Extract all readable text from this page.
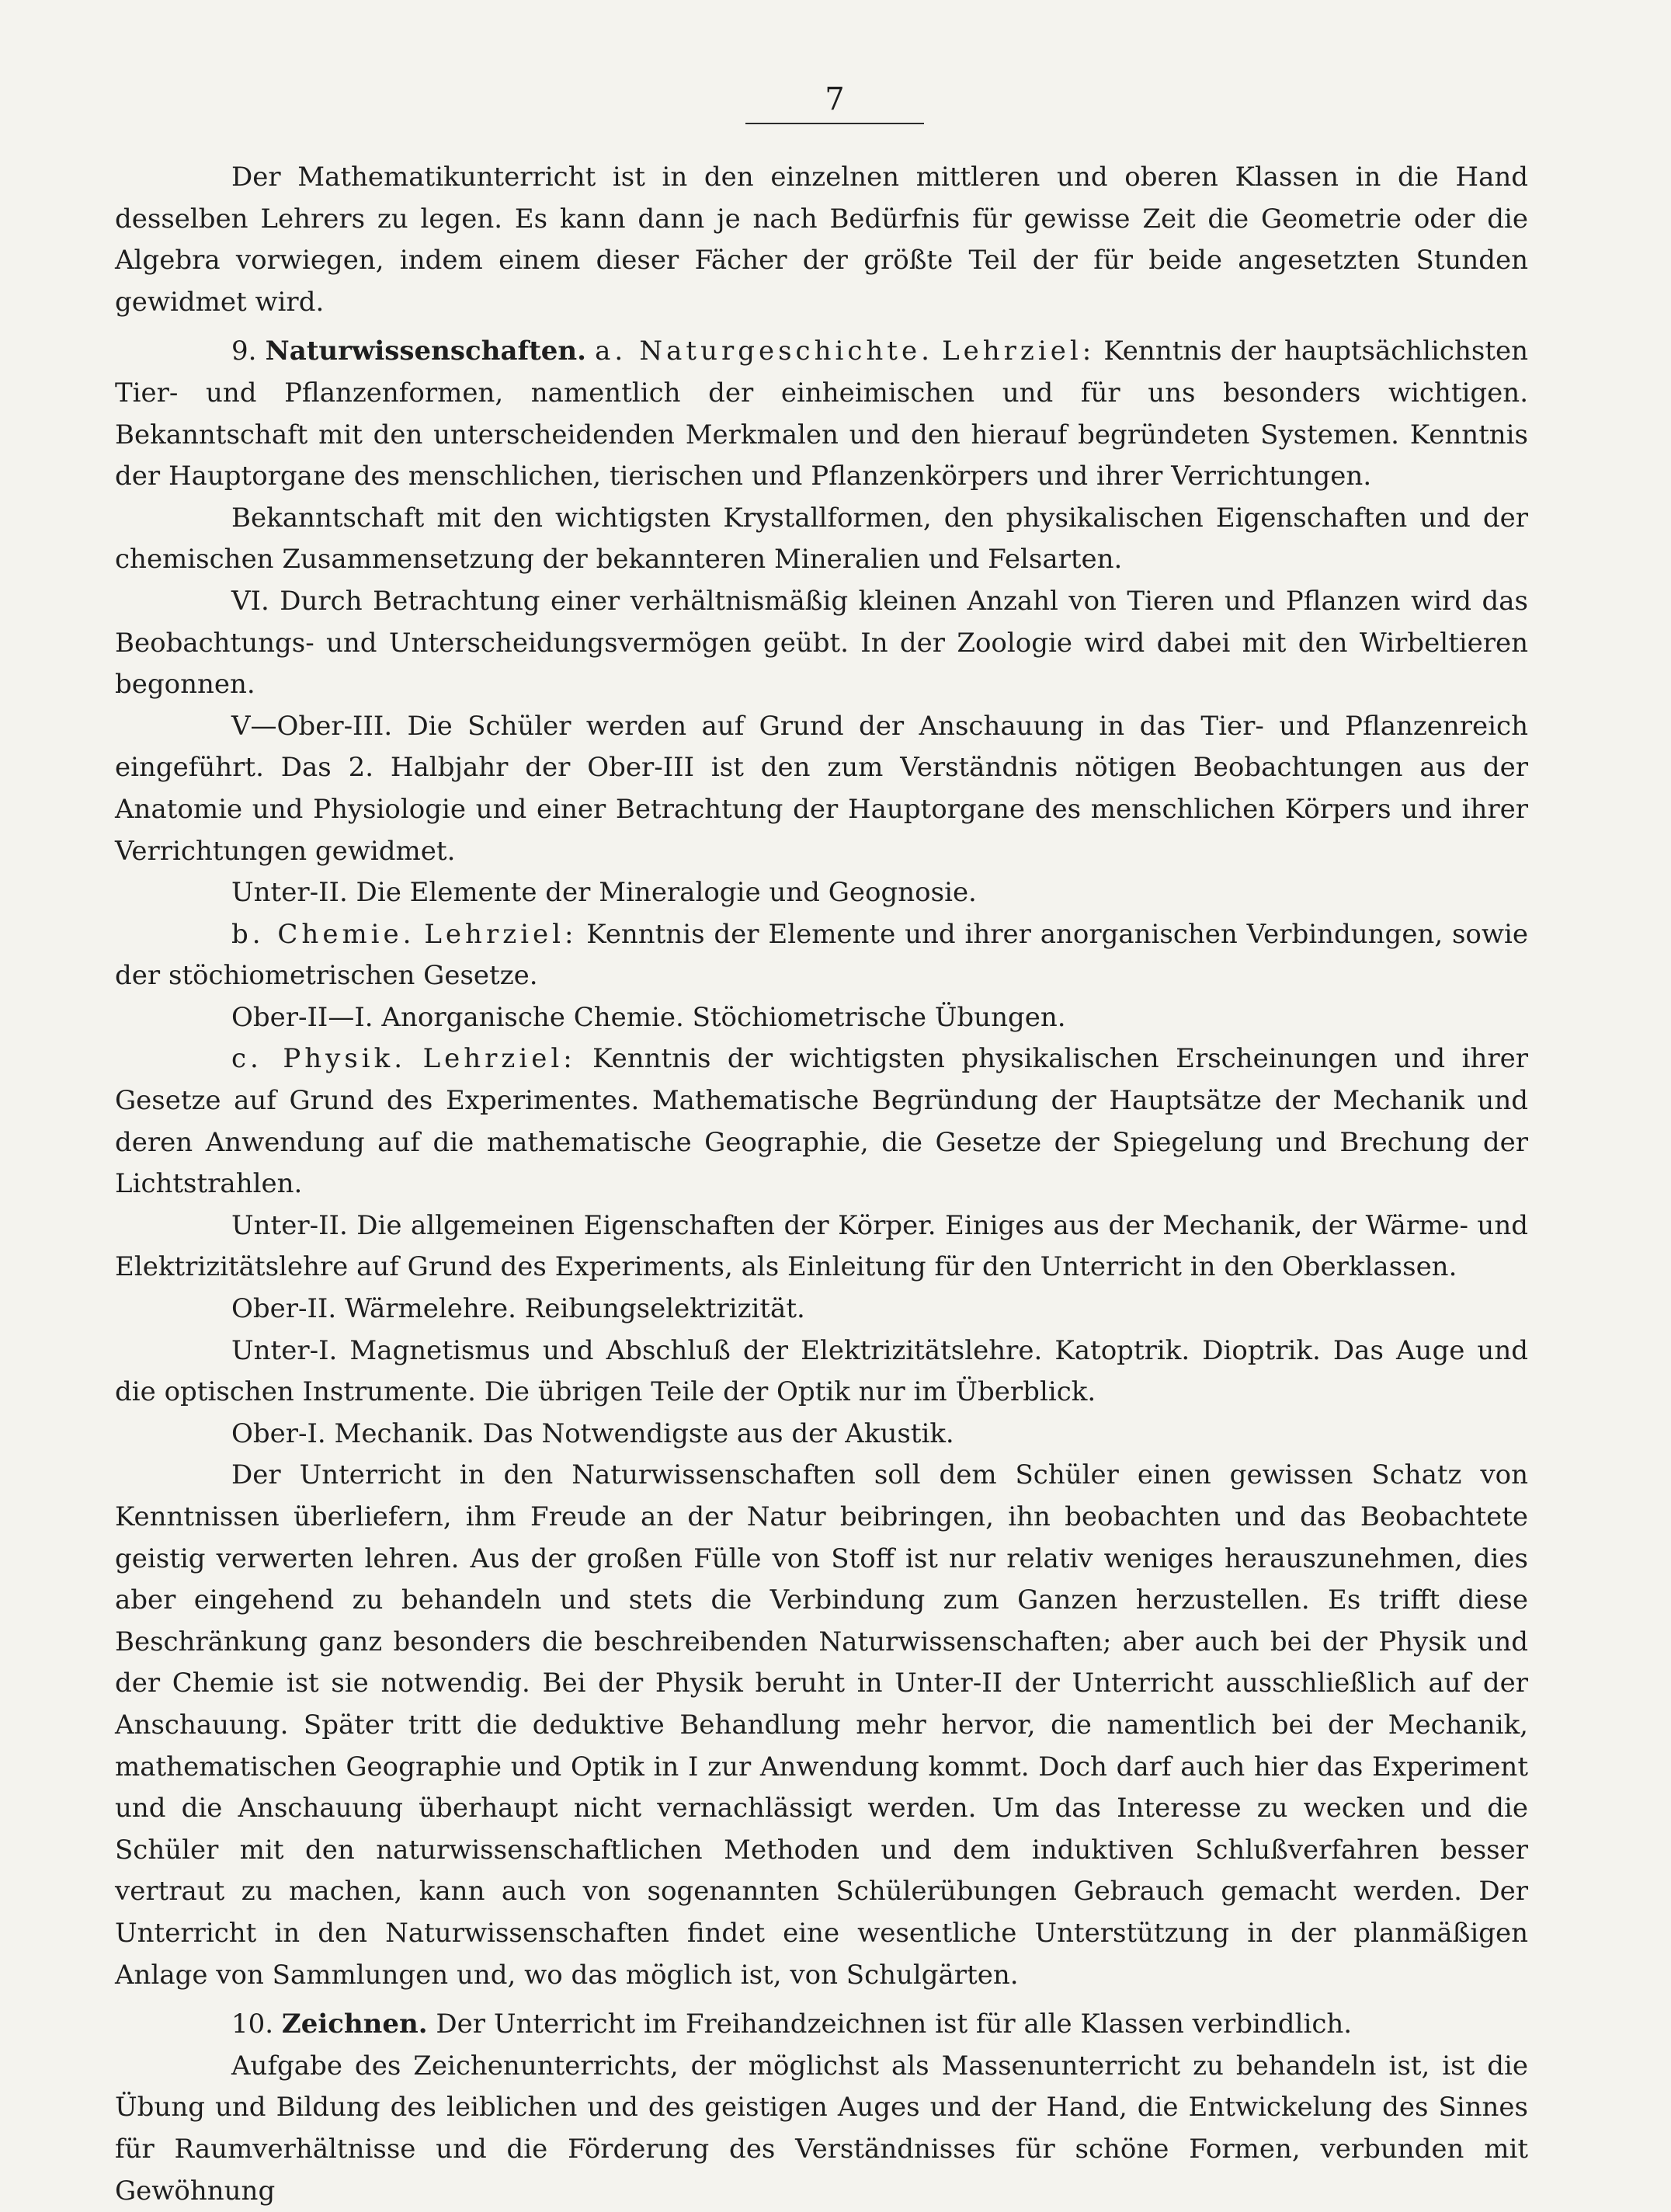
7

Der Mathematikunterricht ist in den einzelnen mittleren und oberen Klassen in die Hand desselben Lehrers zu legen. Es kann dann je nach Bedürfnis für gewisse Zeit die Geometrie oder die Algebra vorwiegen, indem einem dieser Fächer der größte Teil der für beide angesetzten Stunden gewidmet wird.

9. Naturwissenschaften. a. Naturgeschichte. Lehrziel: Kenntnis der hauptsächlichsten Tier- und Pflanzenformen, namentlich der einheimischen und für uns besonders wichtigen. Bekanntschaft mit den unterscheidenden Merkmalen und den hierauf begründeten Systemen. Kenntnis der Hauptorgane des menschlichen, tierischen und Pflanzenkörpers und ihrer Verrichtungen.

Bekanntschaft mit den wichtigsten Krystallformen, den physikalischen Eigenschaften und der chemischen Zusammensetzung der bekannteren Mineralien und Felsarten.

VI. Durch Betrachtung einer verhältnismäßig kleinen Anzahl von Tieren und Pflanzen wird das Beobachtungs- und Unterscheidungsvermögen geübt. In der Zoologie wird dabei mit den Wirbeltieren begonnen.

V—Ober-III. Die Schüler werden auf Grund der Anschauung in das Tier- und Pflanzenreich eingeführt. Das 2. Halbjahr der Ober-III ist den zum Verständnis nötigen Beobachtungen aus der Anatomie und Physiologie und einer Betrachtung der Hauptorgane des menschlichen Körpers und ihrer Verrichtungen gewidmet.

Unter-II. Die Elemente der Mineralogie und Geognosie.

b. Chemie. Lehrziel: Kenntnis der Elemente und ihrer anorganischen Verbindungen, sowie der stöchiometrischen Gesetze.

Ober-II—I. Anorganische Chemie. Stöchiometrische Übungen.

c. Physik. Lehrziel: Kenntnis der wichtigsten physikalischen Erscheinungen und ihrer Gesetze auf Grund des Experimentes. Mathematische Begründung der Hauptsätze der Mechanik und deren Anwendung auf die mathematische Geographie, die Gesetze der Spiegelung und Brechung der Lichtstrahlen.

Unter-II. Die allgemeinen Eigenschaften der Körper. Einiges aus der Mechanik, der Wärme- und Elektrizitätslehre auf Grund des Experiments, als Einleitung für den Unterricht in den Oberklassen.

Ober-II. Wärmelehre. Reibungselektrizität.

Unter-I. Magnetismus und Abschluß der Elektrizitätslehre. Katoptrik. Dioptrik. Das Auge und die optischen Instrumente. Die übrigen Teile der Optik nur im Überblick.

Ober-I. Mechanik. Das Notwendigste aus der Akustik.

Der Unterricht in den Naturwissenschaften soll dem Schüler einen gewissen Schatz von Kenntnissen überliefern, ihm Freude an der Natur beibringen, ihn beobachten und das Beobachtete geistig verwerten lehren. Aus der großen Fülle von Stoff ist nur relativ weniges herauszunehmen, dies aber eingehend zu behandeln und stets die Verbindung zum Ganzen herzustellen. Es trifft diese Beschränkung ganz besonders die beschreibenden Naturwissenschaften; aber auch bei der Physik und der Chemie ist sie notwendig. Bei der Physik beruht in Unter-II der Unterricht ausschließlich auf der Anschauung. Später tritt die deduktive Behandlung mehr hervor, die namentlich bei der Mechanik, mathematischen Geographie und Optik in I zur Anwendung kommt. Doch darf auch hier das Experiment und die Anschauung überhaupt nicht vernachlässigt werden. Um das Interesse zu wecken und die Schüler mit den naturwissenschaftlichen Methoden und dem induktiven Schlußverfahren besser vertraut zu machen, kann auch von sogenannten Schülerübungen Gebrauch gemacht werden. Der Unterricht in den Naturwissenschaften findet eine wesentliche Unterstützung in der planmäßigen Anlage von Sammlungen und, wo das möglich ist, von Schulgärten.

10. Zeichnen. Der Unterricht im Freihandzeichnen ist für alle Klassen verbindlich.

Aufgabe des Zeichenunterrichts, der möglichst als Massenunterricht zu behandeln ist, ist die Übung und Bildung des leiblichen und des geistigen Auges und der Hand, die Entwickelung des Sinnes für Raumverhältnisse und die Förderung des Verständnisses für schöne Formen, verbunden mit Gewöhnung
